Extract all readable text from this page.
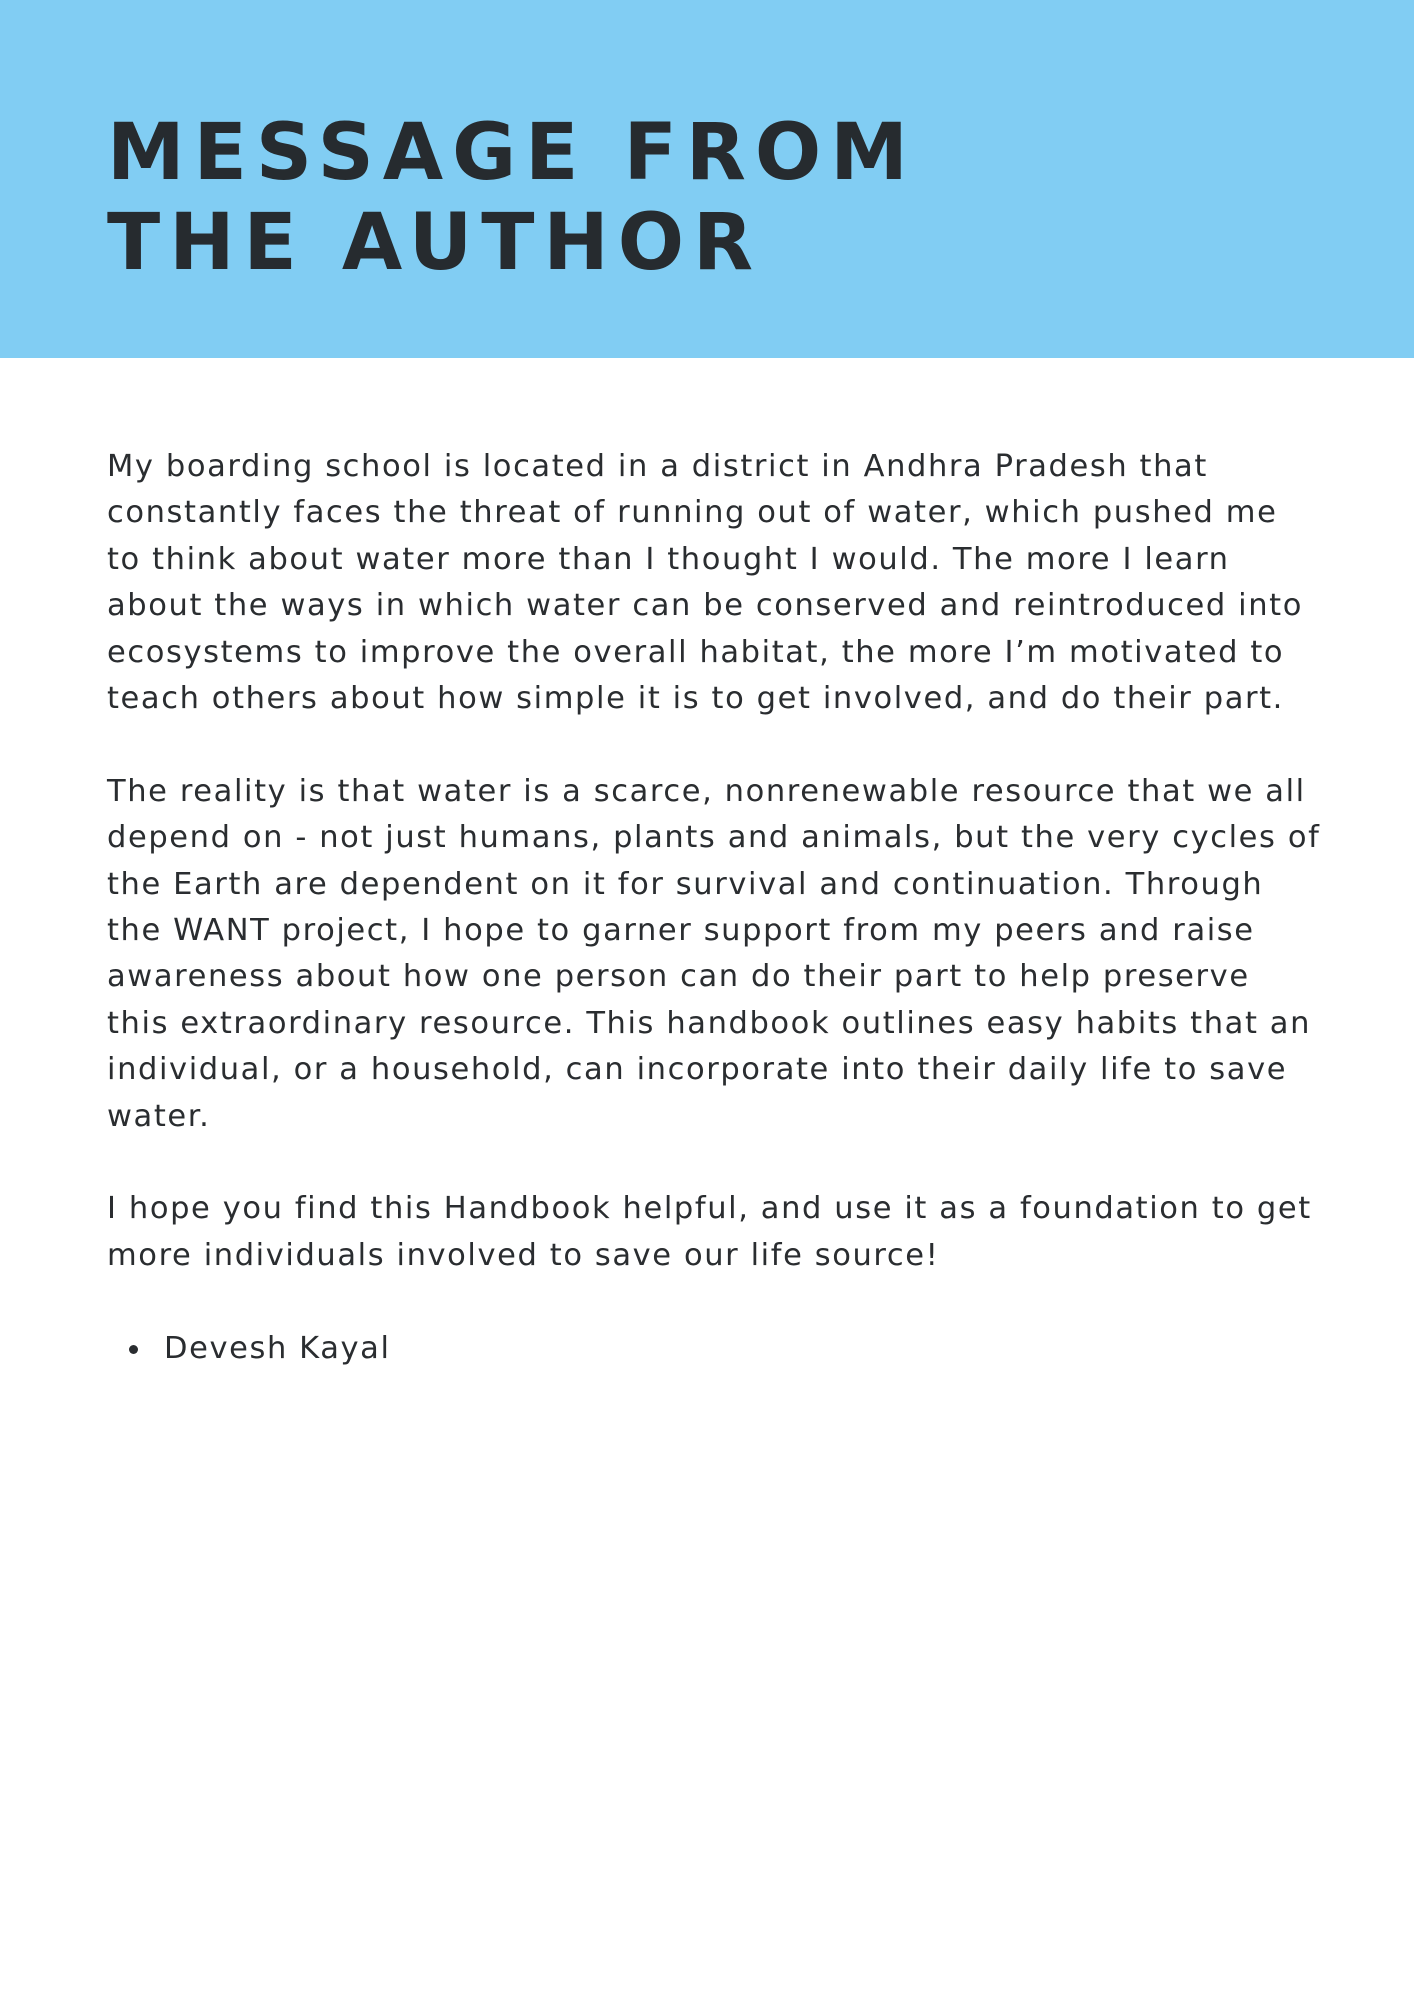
MESSAGE FROM
THE AUTHOR

My boarding school is located in a district in Andhra Pradesh that constantly faces the threat of running out of water, which pushed me to think about water more than I thought I would. The more I learn about the ways in which water can be conserved and reintroduced into ecosystems to improve the overall habitat, the more I’m motivated to teach others about how simple it is to get involved, and do their part.

The reality is that water is a scarce, nonrenewable resource that we all depend on - not just humans, plants and animals, but the very cycles of the Earth are dependent on it for survival and continuation. Through the WANT project, I hope to garner support from my peers and raise awareness about how one person can do their part to help preserve this extraordinary resource. This handbook outlines easy habits that an individual, or a household, can incorporate into their daily life to save water.

I hope you find this Handbook helpful, and use it as a foundation to get more individuals involved to save our life source!

Devesh Kayal
